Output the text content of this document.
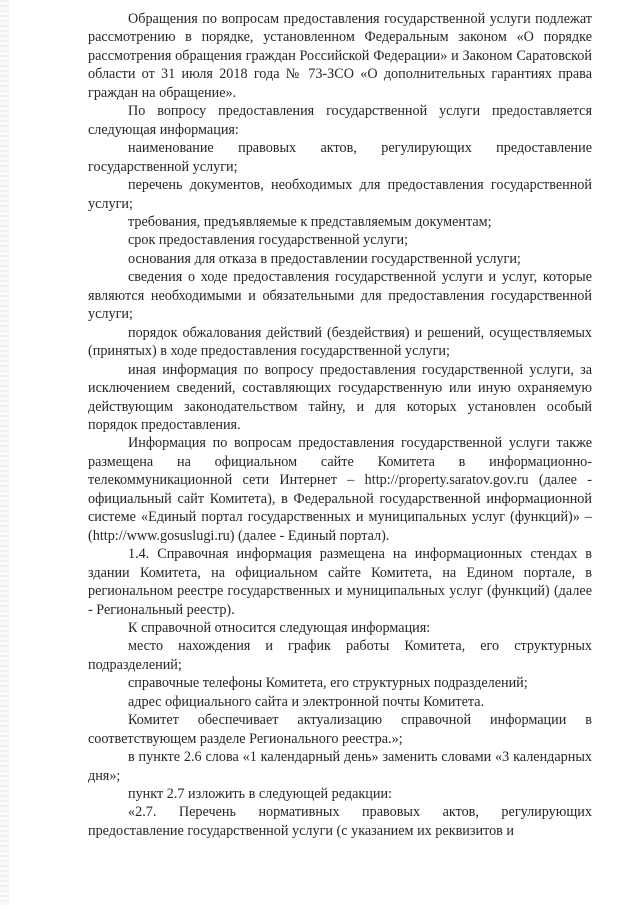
Обращения по вопросам предоставления государственной услуги подлежат рассмотрению в порядке, установленном Федеральным законом «О порядке рассмотрения обращения граждан Российской Федерации» и Законом Саратовской области от 31 июля 2018 года № 73-ЗСО «О дополнительных гарантиях права граждан на обращение».

По вопросу предоставления государственной услуги предоставляется следующая информация:

наименование правовых актов, регулирующих предоставление государственной услуги;

перечень документов, необходимых для предоставления государственной услуги;

требования, предъявляемые к представляемым документам;

срок предоставления государственной услуги;

основания для отказа в предоставлении государственной услуги;

сведения о ходе предоставления государственной услуги и услуг, которые являются необходимыми и обязательными для предоставления государственной услуги;

порядок обжалования действий (бездействия) и решений, осуществляемых (принятых) в ходе предоставления государственной услуги;

иная информация по вопросу предоставления государственной услуги, за исключением сведений, составляющих государственную или иную охраняемую действующим законодательством тайну, и для которых установлен особый порядок предоставления.

Информация по вопросам предоставления государственной услуги также размещена на официальном сайте Комитета в информационно-телекоммуникационной сети Интернет – http://property.saratov.gov.ru (далее - официальный сайт Комитета), в Федеральной государственной информационной системе «Единый портал государственных и муниципальных услуг (функций)» – (http://www.gosuslugi.ru) (далее - Единый портал).

1.4. Справочная информация размещена на информационных стендах в здании Комитета, на официальном сайте Комитета, на Едином портале, в региональном реестре государственных и муниципальных услуг (функций) (далее - Региональный реестр).

К справочной относится следующая информация:

место нахождения и график работы Комитета, его структурных подразделений;

справочные телефоны Комитета, его структурных подразделений;

адрес официального сайта и электронной почты Комитета.

Комитет обеспечивает актуализацию справочной информации в соответствующем разделе Регионального реестра.»;

в пункте 2.6 слова «1 календарный день» заменить словами «3 календарных дня»;

пункт 2.7 изложить в следующей редакции:

«2.7. Перечень нормативных правовых актов, регулирующих предоставление государственной услуги (с указанием их реквизитов и
